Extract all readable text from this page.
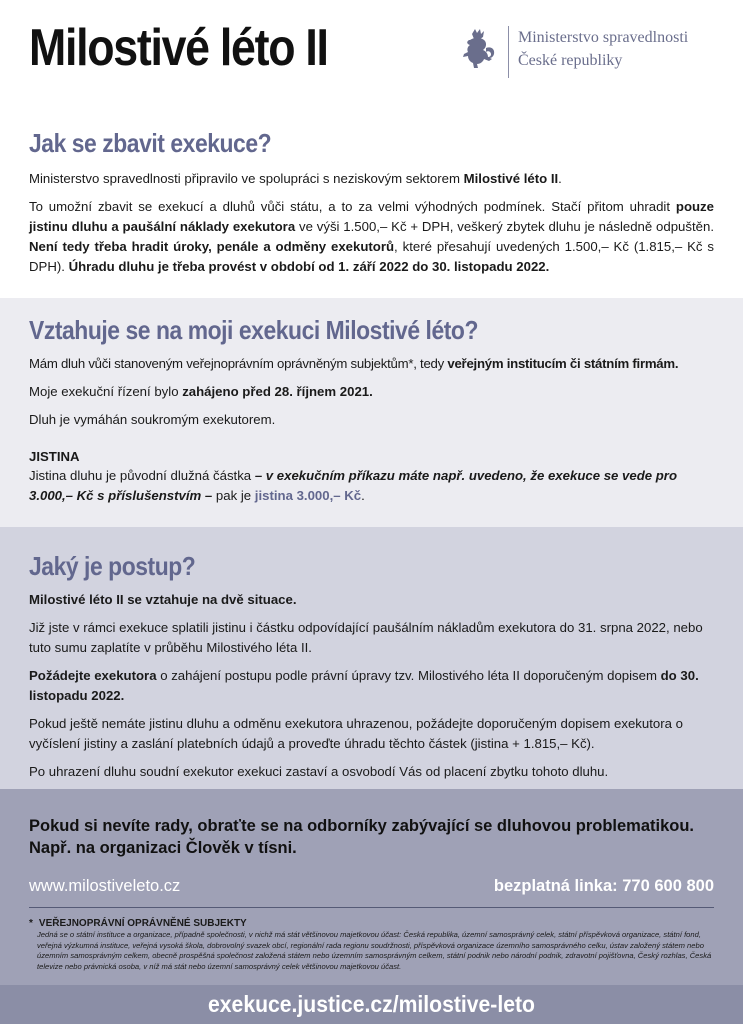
Milostivé léto II	Ministerstvo spravedlnosti
České republiky
Jak se zbavit exekuce?

Ministerstvo spravedlnosti připravilo ve spolupráci s neziskovým sektorem Milostivé léto II.

To umožní zbavit se exekucí a dluhů vůči státu, a to za velmi výhodných podmínek. Stačí přitom uhradit pouze jistinu dluhu a paušální náklady exekutora ve výši 1.500,– Kč + DPH, veškerý zbytek dluhu je následně odpuštěn. Není tedy třeba hradit úroky, penále a odměny exekutorů, které přesahují uvedených 1.500,– Kč (1.815,– Kč s DPH). Úhradu dluhu je třeba provést v období od 1. září 2022 do 30. listopadu 2022.

Vztahuje se na moji exekuci Milostivé léto?

Mám dluh vůči stanoveným veřejnoprávním oprávněným subjektům*, tedy veřejným institucím či státním firmám.

Moje exekuční řízení bylo zahájeno před 28. říjnem 2021.

Dluh je vymáhán soukromým exekutorem.

JISTINA

Jistina dluhu je původní dlužná částka – v exekučním příkazu máte např. uvedeno, že exekuce se vede pro 3.000,– Kč s příslušenstvím – pak je jistina 3.000,– Kč.

Jaký je postup?

Milostivé léto II se vztahuje na dvě situace.

Již jste v rámci exekuce splatili jistinu i částku odpovídající paušálním nákladům exekutora do 31. srpna 2022, nebo tuto sumu zaplatíte v průběhu Milostivého léta II.

Požádejte exekutora o zahájení postupu podle právní úpravy tzv. Milostivého léta II doporučeným dopisem do 30. listopadu 2022.

Pokud ještě nemáte jistinu dluhu a odměnu exekutora uhrazenou, požádejte doporučeným dopisem exekutora o vyčíslení jistiny a zaslání platebních údajů a proveďte úhradu těchto částek (jistina + 1.815,– Kč).

Po uhrazení dluhu soudní exekutor exekuci zastaví a osvobodí Vás od placení zbytku tohoto dluhu.

Pokud si nevíte rady, obraťte se na odborníky zabývající se dluhovou problematikou.
Např. na organizaci Člověk v tísni.
www.milostiveleto.cz	bezplatná linka: 770 600 800
* VEŘEJNOPRÁVNÍ OPRÁVNĚNÉ SUBJEKTY
Jedná se o státní instituce a organizace, případně společnosti, v nichž má stát většinovou majetkovou účast: Česká republika, územní samosprávný celek, státní příspěvková organizace, státní fond, veřejná výzkumná instituce, veřejná vysoká škola, dobrovolný svazek obcí, regionální rada regionu soudržnosti, příspěvková organizace územního samosprávného celku, ústav založený státem nebo územním samosprávným celkem, obecně prospěšná společnost založená státem nebo územním samosprávným celkem, státní podnik nebo národní podnik, zdravotní pojišťovna, Český rozhlas, Česká televize nebo právnická osoba, v níž má stát nebo územní samosprávný celek většinovou majetkovou účast.
exekuce.justice.cz/milostive-leto
